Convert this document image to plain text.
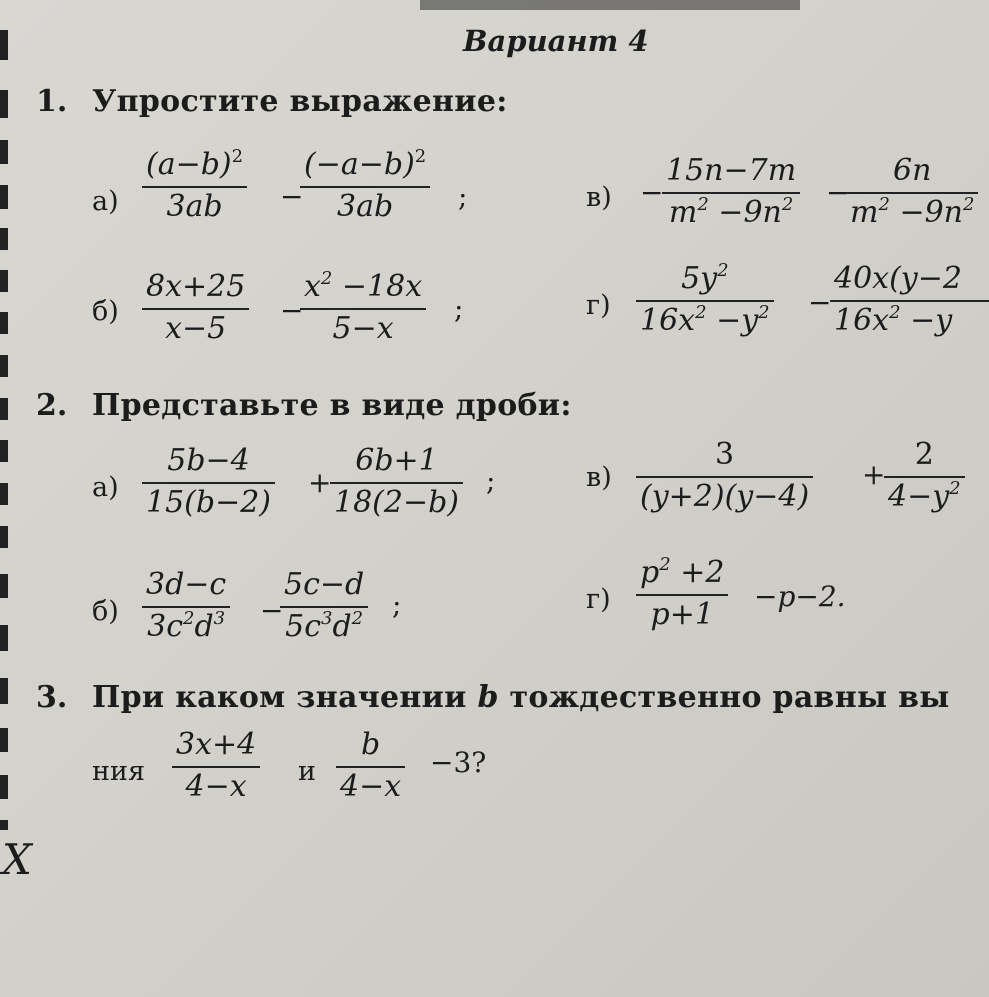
X
Вариант 4
1. Упростите выражение:
а)
$(a-b)^2$
3ab −
$(-a-b)^2$
3ab ;
б)
8x+25
x−5
−
$x^2 -18x$
5−x
;
в) −
15n−7m
$m^2 -9n^2$ −
6n
$m^2 -9n^2$
г)
$5y^2$
$16x^2 -y^2$ −
40x(y−2
$16x^2 -y$
2. Представьте в виде дроби:
а)
5b−4
15(b−2)
+
6b+1
18(2−b)
;
б)
3d−c
$3c^2d^3$ −
5c−d
$5c^3d^2$ ;
в)
3
(y+2)(y−4)
+
2
$4-y^2$
г)
$p^2 +2$
p+1
−p−2.
3. При каком значении b тождественно равны вы
ния
3x+4
4−x и
b
4−x
−3?
